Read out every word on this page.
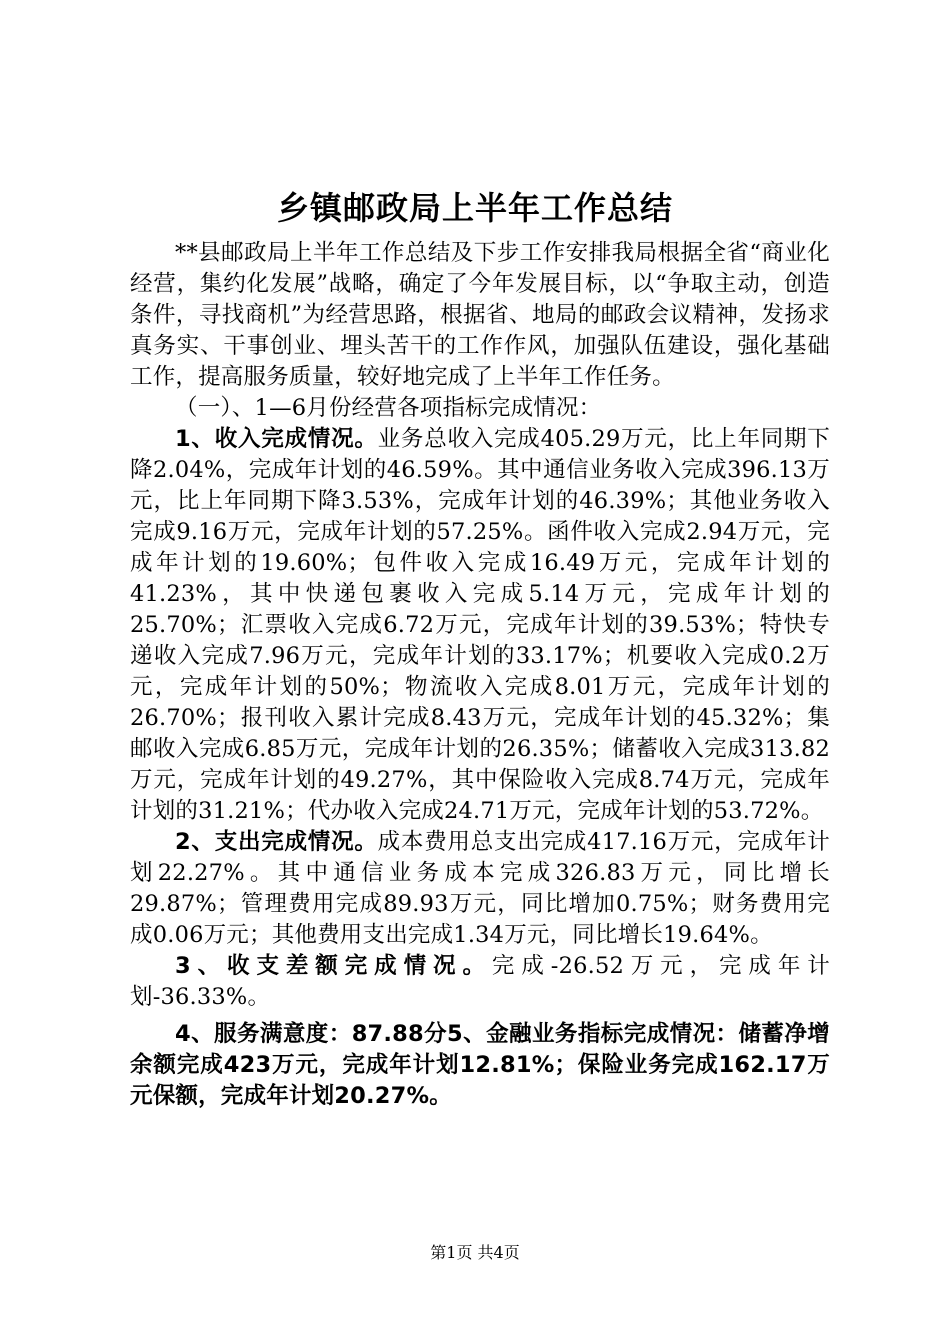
乡镇邮政局上半年工作总结

**县邮政局上半年工作总结及下步工作安排我局根据全省“商业化经营，集约化发展”战略，确定了今年发展目标，以“争取主动，创造条件，寻找商机”为经营思路，根据省、地局的邮政会议精神，发扬求真务实、干事创业、埋头苦干的工作作风，加强队伍建设，强化基础工作，提高服务质量，较好地完成了上半年工作任务。

（一）、1—6月份经营各项指标完成情况：

1、收入完成情况。业务总收入完成405.29万元，比上年同期下降2.04%，完成年计划的46.59%。其中通信业务收入完成396.13万元，比上年同期下降3.53%，完成年计划的46.39%；其他业务收入完成9.16万元，完成年计划的57.25%。函件收入完成2.94万元，完成年计划的19.60%；包件收入完成16.49万元，完成年计划的41.23%，其中快递包裹收入完成5.14万元，完成年计划的25.70%；汇票收入完成6.72万元，完成年计划的39.53%；特快专递收入完成7.96万元，完成年计划的33.17%；机要收入完成0.2万元，完成年计划的50%；物流收入完成8.01万元，完成年计划的26.70%；报刊收入累计完成8.43万元，完成年计划的45.32%；集邮收入完成6.85万元，完成年计划的26.35%；储蓄收入完成313.82万元，完成年计划的49.27%，其中保险收入完成8.74万元，完成年计划的31.21%；代办收入完成24.71万元，完成年计划的53.72%。

2、支出完成情况。成本费用总支出完成417.16万元，完成年计划22.27%。其中通信业务成本完成326.83万元，同比增长29.87%；管理费用完成89.93万元，同比增加0.75%；财务费用完成0.06万元；其他费用支出完成1.34万元，同比增长19.64%。

3、收支差额完成情况。完成-26.52万元，完成年计划-36.33%。

4、服务满意度：87.88分5、金融业务指标完成情况：储蓄净增余额完成423万元，完成年计划12.81%；保险业务完成162.17万元保额，完成年计划20.27%。

第1页 共4页
